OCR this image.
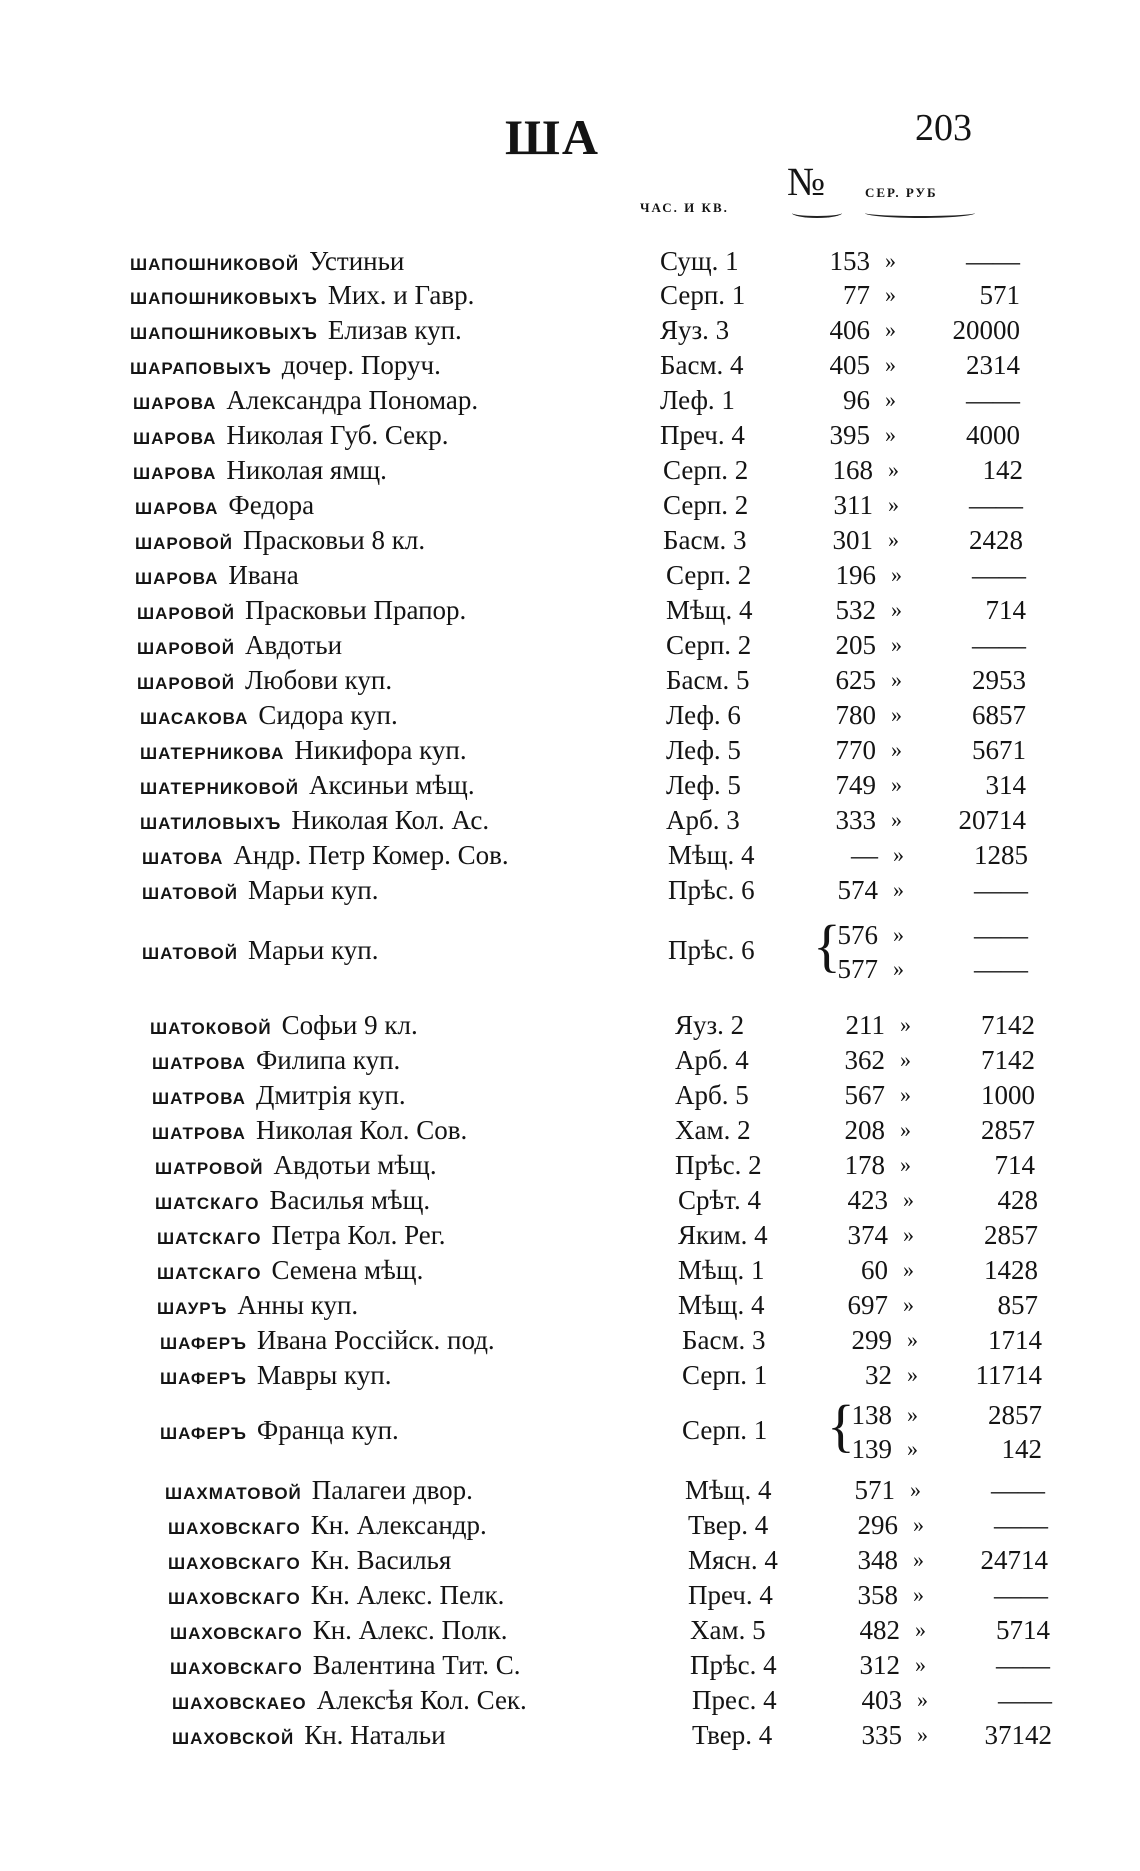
ША	203
ЧАС. И КВ.
№	СЕР. РУБ
шапошниковой Устиньи	Сущ. 1	153 »	——
шапошниковыхъ Мих. и Гавр.	Серп. 1	77 »	571
шапошниковыхъ Елизав куп.	Яуз. 3	406 »	20000
шараповыхъ дочер. Поруч.	Басм. 4	405 »	2314
шарова Александра Пономар.	Леф. 1	96 »	——
шарова Николая Губ. Секр.	Преч. 4	395 »	4000
шарова Николая ямщ.	Серп. 2	168 »	142
шарова Федора	Серп. 2	311 »	——
шаровой Прасковьи 8 кл.	Басм. 3	301 »	2428
шарова Ивана	Серп. 2	196 »	——
шаровой Прасковьи Прапор.	Мѣщ. 4	532 »	714
шаровой Авдотьи	Серп. 2	205 »	——
шаровой Любови куп.	Басм. 5	625 »	2953
шасакова Сидора куп.	Леф. 6	780 »	6857
шатерникова Никифора куп.	Леф. 5	770 »	5671
шатерниковой Аксиньи мѣщ.	Леф. 5	749 »	314
шатиловыхъ Николая Кол. Ас.	Арб. 3	333 »	20714
шатова Андр. Петр Комер. Сов.	Мѣщ. 4	— »	1285
шатовой Марьи куп.	Прѣс. 6	574 »	——
шатовой Марьи куп.	Прѣс. 6	576 »	——
{
577 »	——
шатоковой Софьи 9 кл.	Яуз. 2	211 »	7142
шатрова Филипа куп.	Арб. 4	362 »	7142
шатрова Дмитрія куп.	Арб. 5	567 »	1000
шатрова Николая Кол. Сов.	Хам. 2	208 »	2857
шатровой Авдотьи мѣщ.	Прѣс. 2	178 »	714
шатскаго Василья мѣщ.	Срѣт. 4	423 »	428
шатскаго Петра Кол. Рег.	Яким. 4	374 »	2857
шатскаго Семена мѣщ.	Мѣщ. 1	60 »	1428
шауръ Анны куп.	Мѣщ. 4	697 »	857
шаферъ Ивана Россійск. под.	Басм. 3	299 »	1714
шаферъ Мавры куп.	Серп. 1	32 »	11714
шаферъ Франца куп.	Серп. 1	138 »	2857
{
139 »	142
шахматовой Палагеи двор.	Мѣщ. 4	571 »	——
шаховскаго Кн. Александр.	Твер. 4	296 »	——
шаховскаго Кн. Василья	Мясн. 4	348 »	24714
шаховскаго Кн. Алекс. Пелк.	Преч. 4	358 »	——
шаховскаго Кн. Алекс. Полк.	Хам. 5	482 »	5714
шаховскаго Валентина Тит. С.	Прѣс. 4	312 »	——
шаховскаео Алексѣя Кол. Сек.	Прес. 4	403 »	——
шаховской Кн. Натальи	Твер. 4	335 »	37142
